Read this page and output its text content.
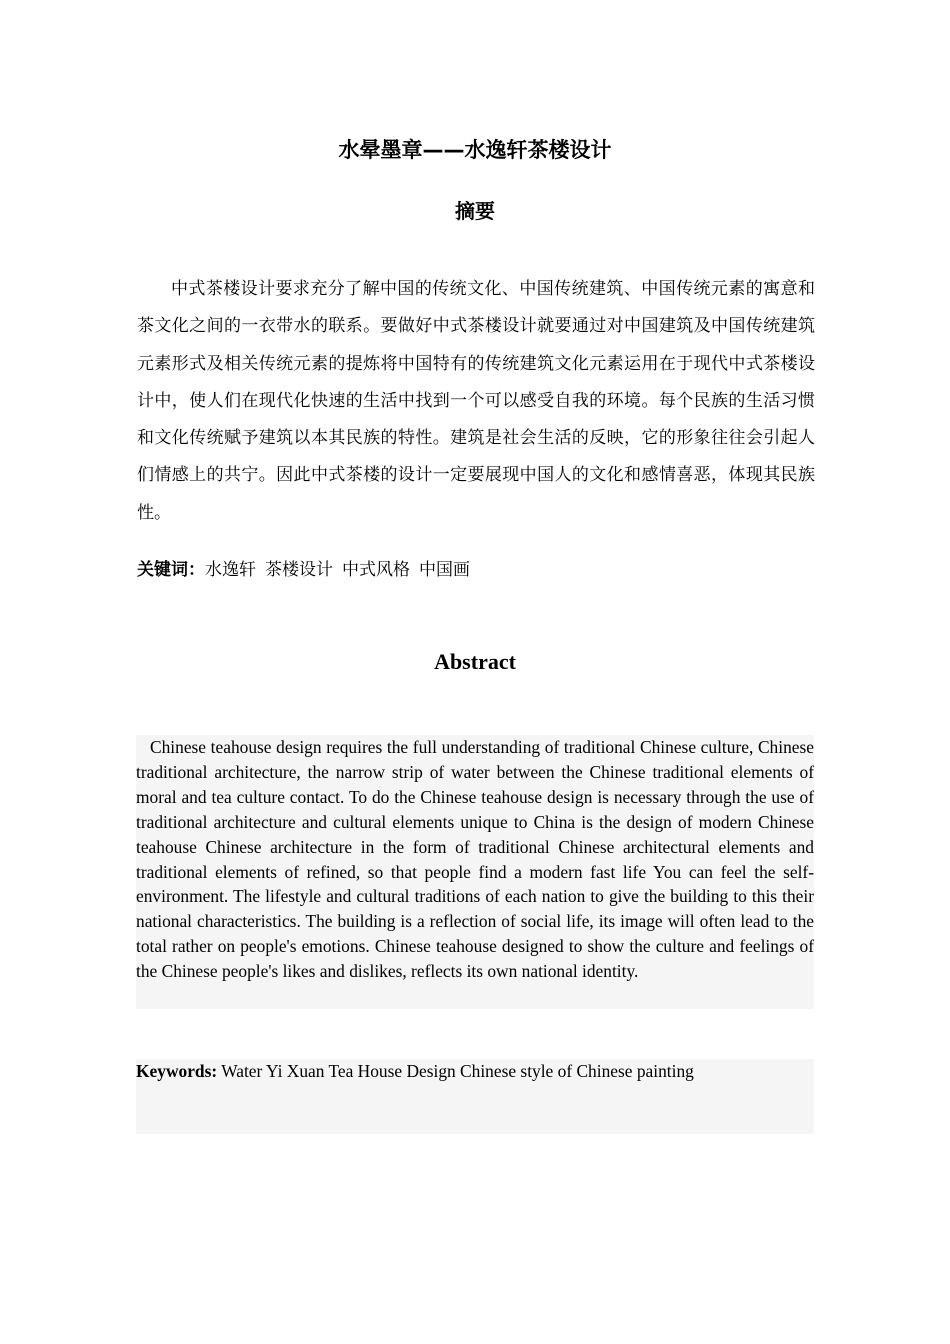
水晕墨章——水逸轩茶楼设计
摘要

中式茶楼设计要求充分了解中国的传统文化、中国传统建筑、中国传统元素的寓意和茶文化之间的一衣带水的联系。要做好中式茶楼设计就要通过对中国建筑及中国传统建筑元素形式及相关传统元素的提炼将中国特有的传统建筑文化元素运用在于现代中式茶楼设计中，使人们在现代化快速的生活中找到一个可以感受自我的环境。每个民族的生活习惯和文化传统赋予建筑以本其民族的特性。建筑是社会生活的反映，它的形象往往会引起人们情感上的共宁。因此中式茶楼的设计一定要展现中国人的文化和感情喜恶，体现其民族性。

关键词：水逸轩 茶楼设计 中式风格 中国画

Abstract

Chinese teahouse design requires the full understanding of traditional Chinese culture, Chinese traditional architecture, the narrow strip of water between the Chinese traditional elements of moral and tea culture contact. To do the Chinese teahouse design is necessary through the use of traditional architecture and cultural elements unique to China is the design of modern Chinese teahouse Chinese architecture in the form of traditional Chinese architectural elements and traditional elements of refined, so that people find a modern fast life You can feel the self-environment. The lifestyle and cultural traditions of each nation to give the building to this their national characteristics. The building is a reflection of social life, its image will often lead to the total rather on people's emotions. Chinese teahouse designed to show the culture and feelings of the Chinese people's likes and dislikes, reflects its own national identity.

Keywords: Water Yi Xuan Tea House Design Chinese style of Chinese painting
